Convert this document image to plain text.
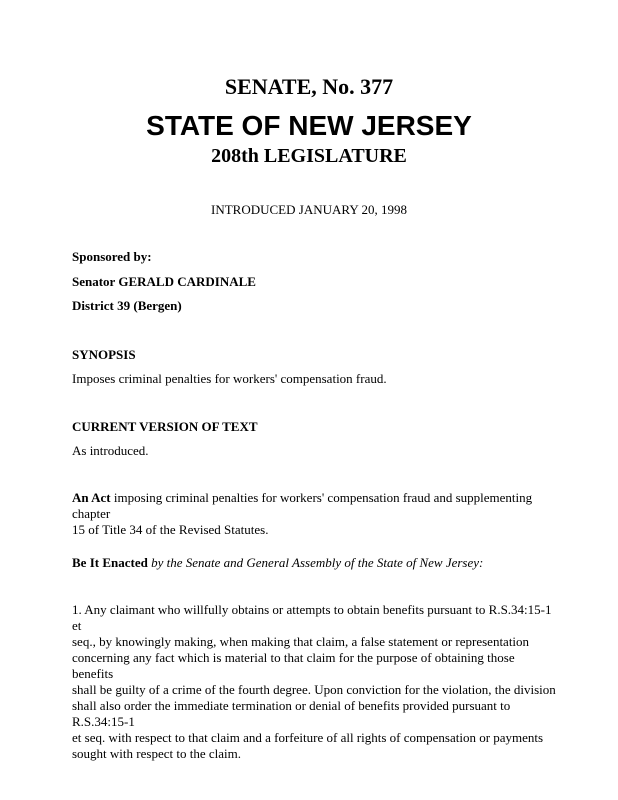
SENATE, No. 377
STATE OF NEW JERSEY
208th LEGISLATURE
INTRODUCED JANUARY 20, 1998
Sponsored by:
Senator GERALD CARDINALE
District 39 (Bergen)
SYNOPSIS
Imposes criminal penalties for workers' compensation fraud.
CURRENT VERSION OF TEXT
As introduced.
An Act imposing criminal penalties for workers' compensation fraud and supplementing chapter
15 of Title 34 of the Revised Statutes.
Be It Enacted by the Senate and General Assembly of the State of New Jersey:
1. Any claimant who willfully obtains or attempts to obtain benefits pursuant to R.S.34:15-1 et
seq., by knowingly making, when making that claim, a false statement or representation
concerning any fact which is material to that claim for the purpose of obtaining those benefits
shall be guilty of a crime of the fourth degree. Upon conviction for the violation, the division
shall also order the immediate termination or denial of benefits provided pursuant to R.S.34:15-1
et seq. with respect to that claim and a forfeiture of all rights of compensation or payments
sought with respect to the claim.
